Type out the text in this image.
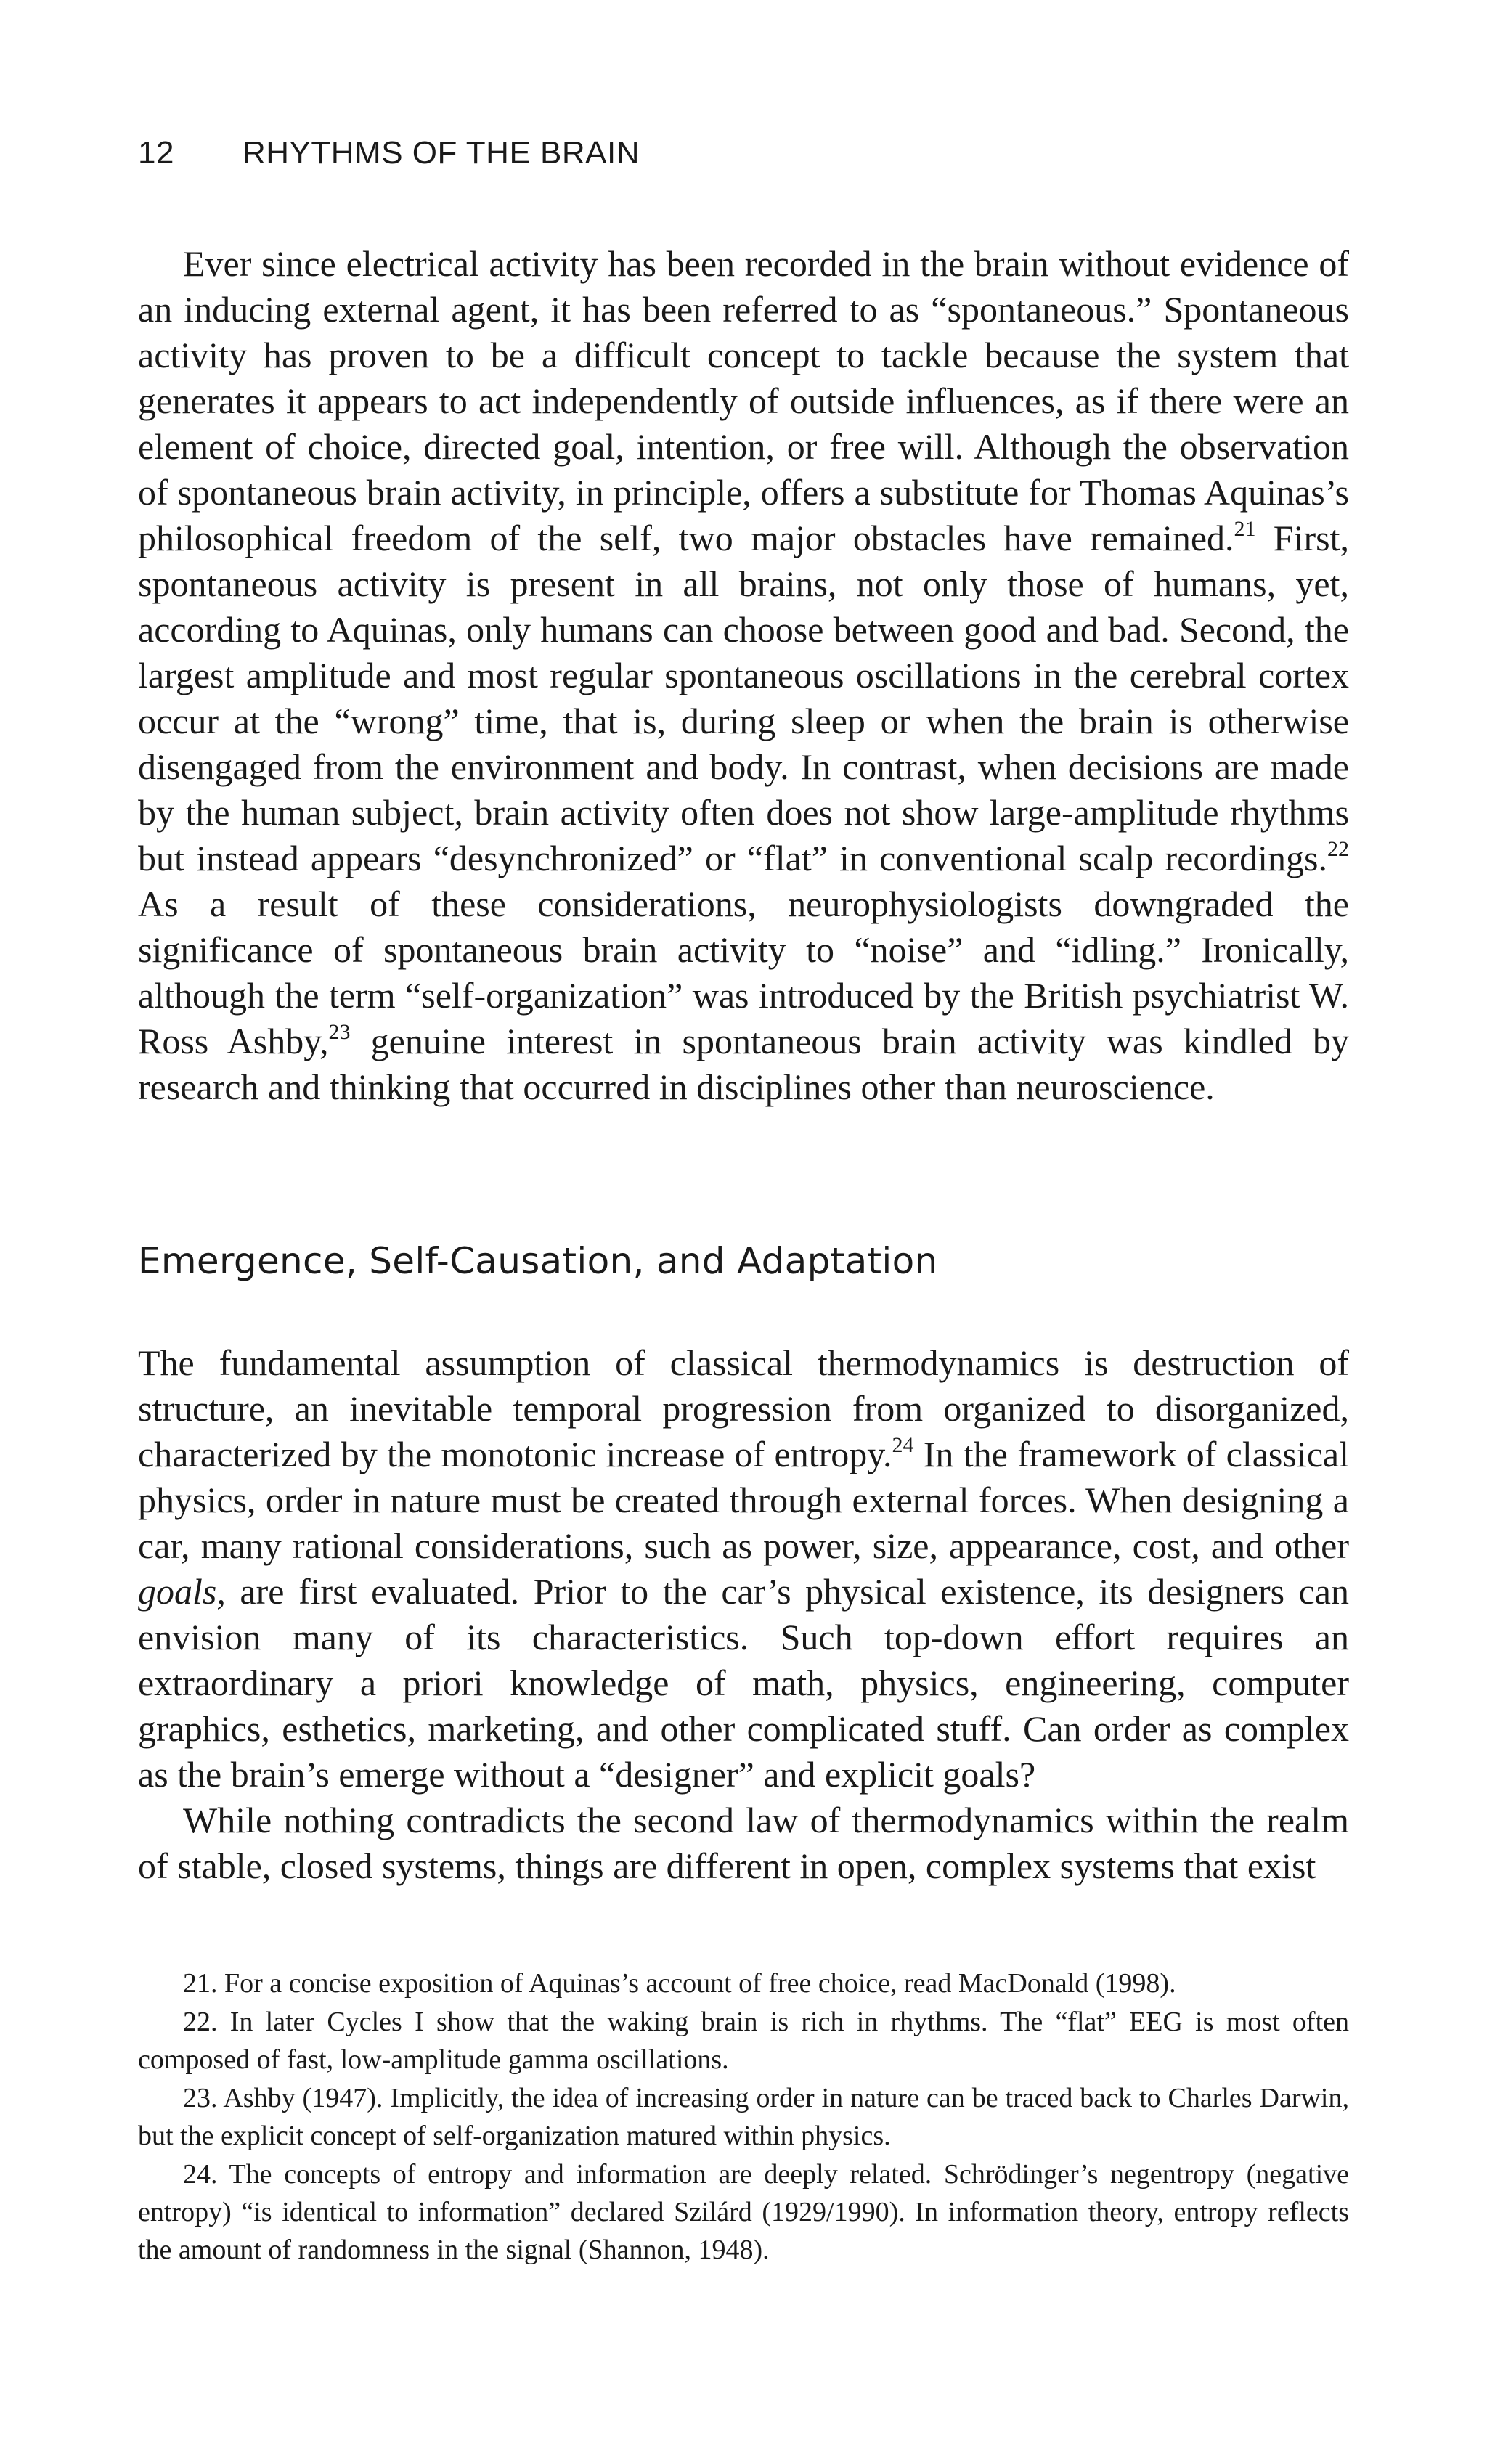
12 RHYTHMS OF THE BRAIN

Ever since electrical activity has been recorded in the brain without evidence of an inducing external agent, it has been referred to as “spontaneous.” Spontaneous activity has proven to be a difficult concept to tackle because the system that generates it appears to act independently of outside influences, as if there were an element of choice, directed goal, intention, or free will. Although the observation of spontaneous brain activity, in principle, offers a substitute for Thomas Aquinas’s philosophical freedom of the self, two major obstacles have remained.$^{21}$ First, spontaneous activity is present in all brains, not only those of humans, yet, according to Aquinas, only humans can choose between good and bad. Second, the largest amplitude and most regular spontaneous oscillations in the cerebral cortex occur at the “wrong” time, that is, during sleep or when the brain is otherwise disengaged from the environment and body. In contrast, when decisions are made by the human subject, brain activity often does not show large-amplitude rhythms but instead appears “desynchronized” or “flat” in conventional scalp recordings.$^{22}$ As a result of these considerations, neurophysiologists downgraded the significance of spontaneous brain activity to “noise” and “idling.” Ironically, although the term “self-organization” was introduced by the British psychiatrist W. Ross Ashby,$^{23}$ genuine interest in spontaneous brain activity was kindled by research and thinking that occurred in disciplines other than neuroscience.

Emergence, Self-Causation, and Adaptation

The fundamental assumption of classical thermodynamics is destruction of structure, an inevitable temporal progression from organized to disorganized, characterized by the monotonic increase of entropy.$^{24}$ In the framework of classical physics, order in nature must be created through external forces. When designing a car, many rational considerations, such as power, size, appearance, cost, and other goals, are first evaluated. Prior to the car’s physical existence, its designers can envision many of its characteristics. Such top-down effort requires an extraordinary a priori knowledge of math, physics, engineering, computer graphics, esthetics, marketing, and other complicated stuff. Can order as complex as the brain’s emerge without a “designer” and explicit goals?

While nothing contradicts the second law of thermodynamics within the realm of stable, closed systems, things are different in open, complex systems that exist

21. For a concise exposition of Aquinas’s account of free choice, read MacDonald (1998).

22. In later Cycles I show that the waking brain is rich in rhythms. The “flat” EEG is most often composed of fast, low-amplitude gamma oscillations.

23. Ashby (1947). Implicitly, the idea of increasing order in nature can be traced back to Charles Darwin, but the explicit concept of self-organization matured within physics.

24. The concepts of entropy and information are deeply related. Schrödinger’s negentropy (negative entropy) “is identical to information” declared Szilárd (1929/1990). In information theory, entropy reflects the amount of randomness in the signal (Shannon, 1948).
